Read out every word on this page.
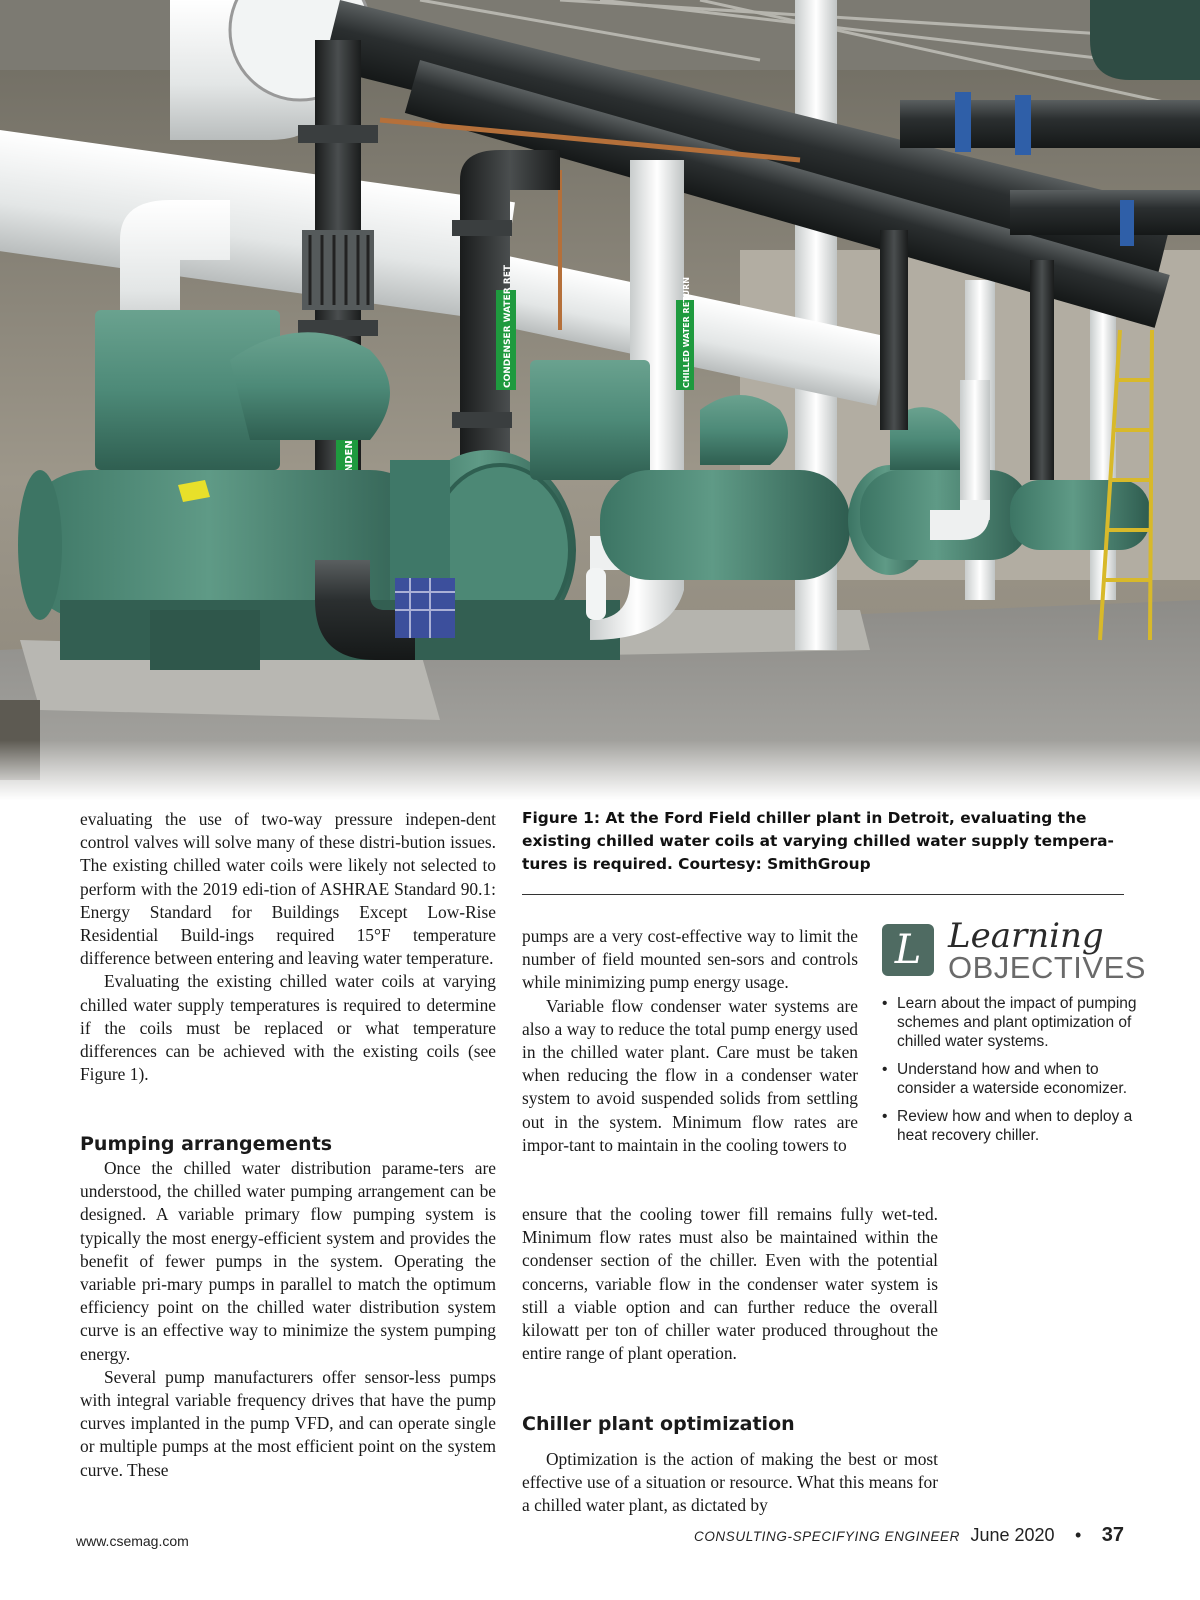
CONDENSER WATER RET	CHILLED WATER RETURN
Figure 1: At the Ford Field chiller plant in Detroit, evaluating the existing chilled water coils at varying chilled water supply tempera-tures is required. Courtesy: SmithGroup

evaluating the use of two-way pressure indepen-dent control valves will solve many of these distri-bution issues. The existing chilled water coils were likely not selected to perform with the 2019 edi-tion of ASHRAE Standard 90.1: Energy Standard for Buildings Except Low-Rise Residential Build-ings required 15°F temperature difference between entering and leaving water temperature.

Evaluating the existing chilled water coils at varying chilled water supply temperatures is required to determine if the coils must be replaced or what temperature differences can be achieved with the existing coils (see Figure 1).

Pumping arrangements

Once the chilled water distribution parame-ters are understood, the chilled water pumping arrangement can be designed. A variable primary flow pumping system is typically the most energy-efficient system and provides the benefit of fewer pumps in the system. Operating the variable pri-mary pumps in parallel to match the optimum efficiency point on the chilled water distribution system curve is an effective way to minimize the system pumping energy.

Several pump manufacturers offer sensor-less pumps with integral variable frequency drives that have the pump curves implanted in the pump VFD, and can operate single or multiple pumps at the most efficient point on the system curve. These

pumps are a very cost-effective way to limit the number of field mounted sen-sors and controls while minimizing pump energy usage.

Variable flow condenser water systems are also a way to reduce the total pump energy used in the chilled water plant. Care must be taken when reducing the flow in a condenser water system to avoid suspended solids from settling out in the system. Minimum flow rates are impor-tant to maintain in the cooling towers to

ensure that the cooling tower fill remains fully wet-ted. Minimum flow rates must also be maintained within the condenser section of the chiller. Even with the potential concerns, variable flow in the condenser water system is still a viable option and can further reduce the overall kilowatt per ton of chiller water produced throughout the entire range of plant operation.

Chiller plant optimization

Optimization is the action of making the best or most effective use of a situation or resource. What this means for a chilled water plant, as dictated by

L Learning
OBJECTIVES
• Learn about the impact of pumping schemes and plant optimization of chilled water systems.
• Understand how and when to consider a waterside economizer.
• Review how and when to deploy a heat recovery chiller.
www.csemag.com	CONSULTING-SPECIFYING ENGINEER June 2020 • 37
